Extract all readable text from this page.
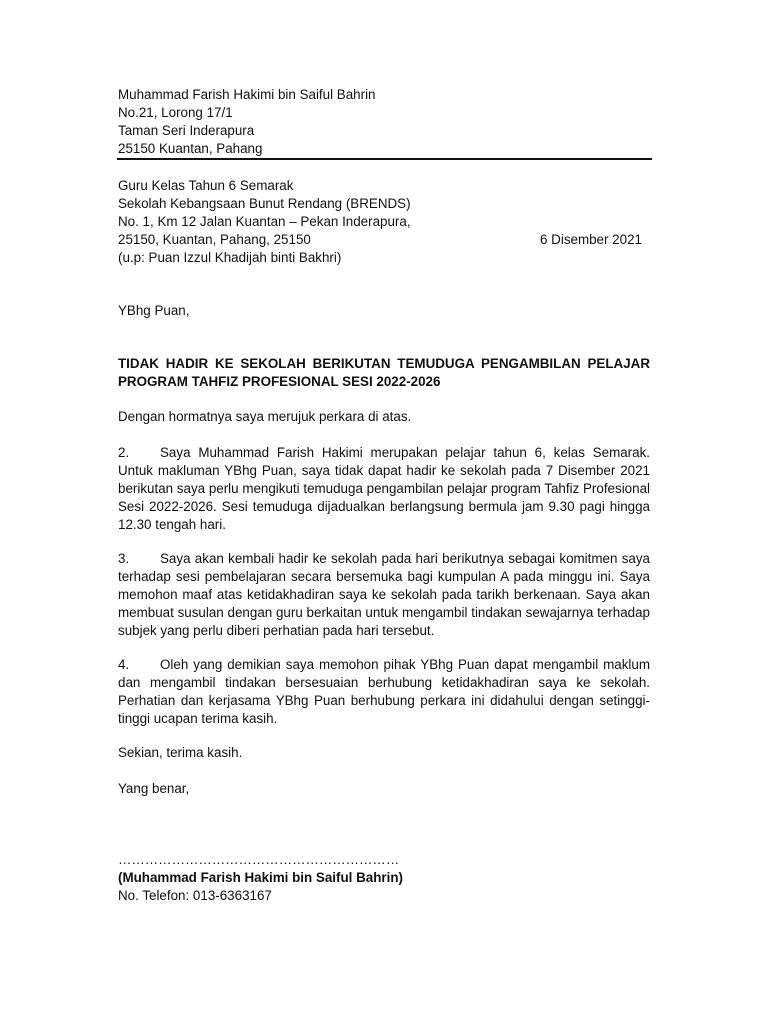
Muhammad Farish Hakimi bin Saiful Bahrin
No.21, Lorong 17/1
Taman Seri Inderapura
25150 Kuantan, Pahang
Guru Kelas Tahun 6 Semarak
Sekolah Kebangsaan Bunut Rendang (BRENDS)
No. 1, Km 12 Jalan Kuantan – Pekan Inderapura,
25150, Kuantan, Pahang, 25150
(u.p: Puan Izzul Khadijah binti Bakhri)
6 Disember 2021
YBhg Puan,
TIDAK HADIR KE SEKOLAH BERIKUTAN TEMUDUGA PENGAMBILAN PELAJAR PROGRAM TAHFIZ PROFESIONAL SESI 2022-2026
Dengan hormatnya saya merujuk perkara di atas.
2. Saya Muhammad Farish Hakimi merupakan pelajar tahun 6, kelas Semarak. Untuk makluman YBhg Puan, saya tidak dapat hadir ke sekolah pada 7 Disember 2021 berikutan saya perlu mengikuti temuduga pengambilan pelajar program Tahfiz Profesional Sesi 2022-2026. Sesi temuduga dijadualkan berlangsung bermula jam 9.30 pagi hingga 12.30 tengah hari.
3. Saya akan kembali hadir ke sekolah pada hari berikutnya sebagai komitmen saya terhadap sesi pembelajaran secara bersemuka bagi kumpulan A pada minggu ini. Saya memohon maaf atas ketidakhadiran saya ke sekolah pada tarikh berkenaan. Saya akan membuat susulan dengan guru berkaitan untuk mengambil tindakan sewajarnya terhadap subjek yang perlu diberi perhatian pada hari tersebut.
4. Oleh yang demikian saya memohon pihak YBhg Puan dapat mengambil maklum dan mengambil tindakan bersesuaian berhubung ketidakhadiran saya ke sekolah. Perhatian dan kerjasama YBhg Puan berhubung perkara ini didahului dengan setinggi-tinggi ucapan terima kasih.
Sekian, terima kasih.
Yang benar,
………………………………………………………
(Muhammad Farish Hakimi bin Saiful Bahrin)
No. Telefon: 013-6363167
